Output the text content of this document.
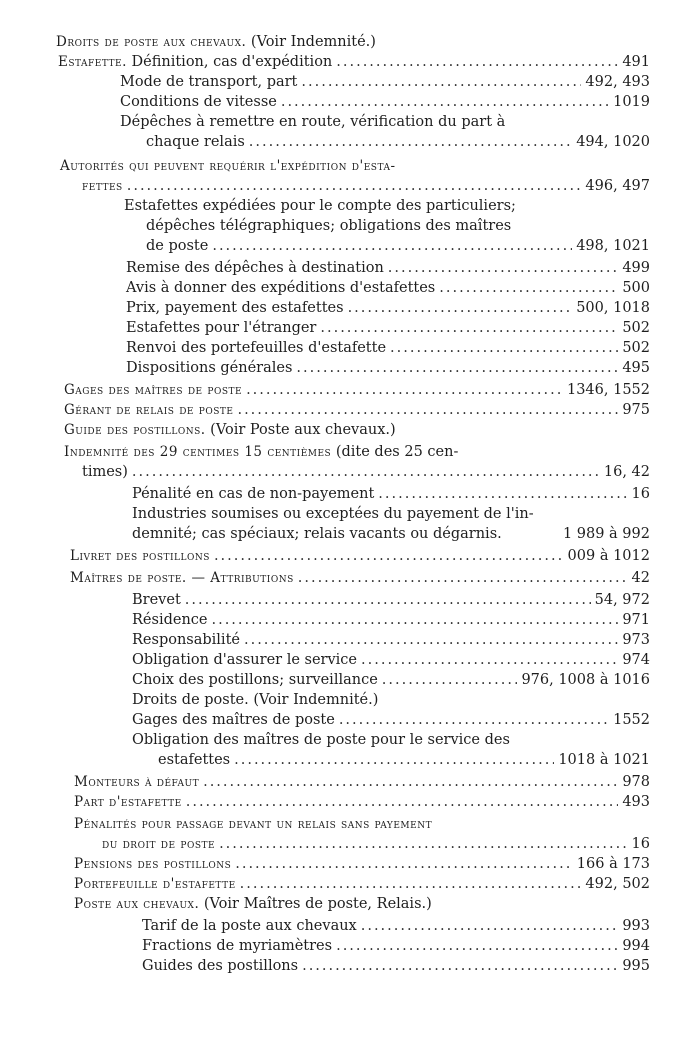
Droits de poste aux chevaux. (Voir Indemnité.)
Estafette. Définition, cas d'expédition .....	491
Mode de transport, part .....	492, 493
Conditions de vitesse .....	1019
Dépêches à remettre en route, vérification du part à
chaque relais .....	494, 1020
Autorités qui peuvent requérir l'expédition d'esta-
fettes .....	496, 497
Estafettes expédiées pour le compte des particuliers;
dépêches télégraphiques; obligations des maîtres
de poste .....	498, 1021
Remise des dépêches à destination .....	499
Avis à donner des expéditions d'estafettes .....	500
Prix, payement des estafettes .....	500, 1018
Estafettes pour l'étranger .....	502
Renvoi des portefeuilles d'estafette .....	502
Dispositions générales .....	495
Gages des maîtres de poste .....	1346, 1552
Gérant de relais de poste .....	975
Guide des postillons. (Voir Poste aux chevaux.)
Indemnité des 29 centimes 15 centièmes (dite des 25 cen-
times) .....	16, 42
Pénalité en cas de non-payement .....	16
Industries soumises ou exceptées du payement de l'in-
demnité; cas spéciaux; relais vacants ou dégarnis.	1 989 à 992
Livret des postillons .....	009 à 1012
Maîtres de poste. — Attributions .....	42
Brevet .....	54, 972
Résidence .....	971
Responsabilité .....	973
Obligation d'assurer le service .....	974
Choix des postillons; surveillance .....	976, 1008 à 1016
Droits de poste. (Voir Indemnité.)
Gages des maîtres de poste .....	1552
Obligation des maîtres de poste pour le service des
estafettes .....	1018 à 1021
Monteurs à défaut .....	978
Part d'estafette .....	493
Pénalités pour passage devant un relais sans payement
du droit de poste .....	16
Pensions des postillons .....	166 à 173
Portefeuille d'estafette .....	492, 502
Poste aux chevaux. (Voir Maîtres de poste, Relais.)
Tarif de la poste aux chevaux .....	993
Fractions de myriamètres .....	994
Guides des postillons .....	995
